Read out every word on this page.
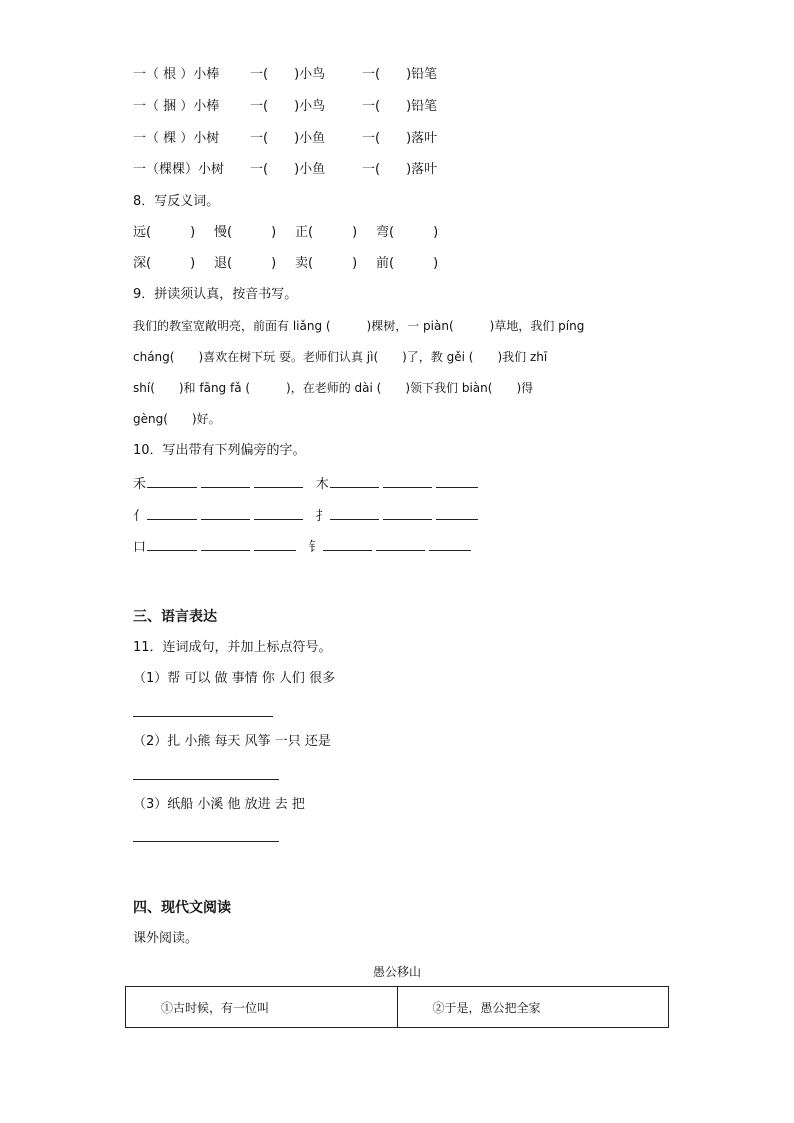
一（ 根 ）小棒	一(　　)小鸟	一(　　)铅笔
一（ 捆 ）小棒	一(　　)小鸟	一(　　)铅笔
一（ 棵 ）小树	一(　　)小鱼	一(　　)落叶
一（棵棵）小树	一(　　)小鱼	一(　　)落叶
8．写反义词。
远(　　　)	慢(　　　)	正(　　　)	弯(　　　)
深(　　　)	退(　　　)	卖(　　　)	前(　　　)
9．拼读须认真，按音书写。
我们的教室宽敞明亮，前面有 liǎng (　　　)棵树，一 piàn(　　　)草地，我们 píng
cháng(　　)喜欢在树下玩 耍。老师们认真 jì(　　)了，教 gěi (　　)我们 zhī
shí(　　)和 fāng fǎ (　　　)，在老师的 dài (　　)领下我们 biàn(　　)得
gèng(　　)好。
10．写出带有下列偏旁的字。
禾	木
亻	扌
口	钅
三、语言表达
11．连词成句，并加上标点符号。
（1）帮 可以 做 事情 你 人们 很多
（2）扎 小熊 每天 风筝 一只 还是
（3）纸船 小溪 他 放进 去 把
四、现代文阅读
课外阅读。
愚公移山
①古时候，有一位叫	②于是，愚公把全家
